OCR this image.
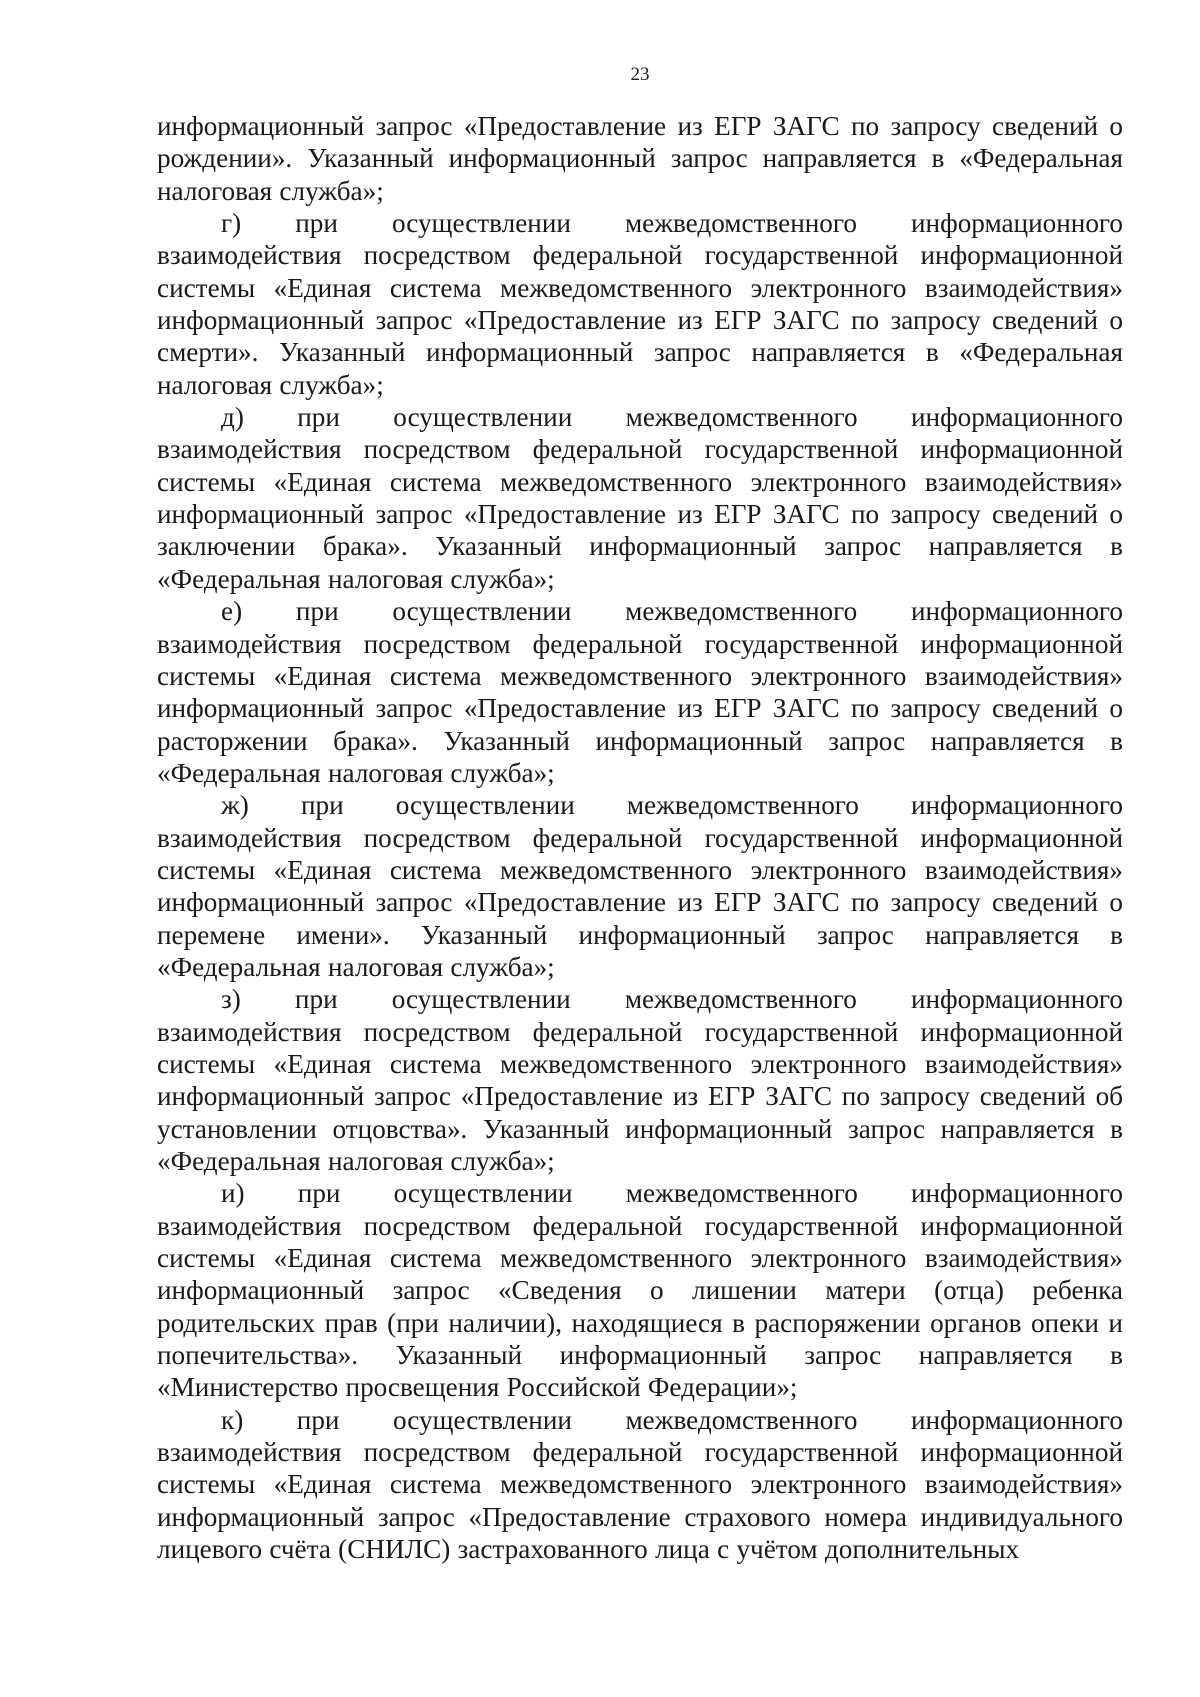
23

информационный запрос «Предоставление из ЕГР ЗАГС по запросу сведений о рождении». Указанный информационный запрос направляется в «Федеральная налоговая служба»;

г) при осуществлении межведомственного информационного взаимодействия посредством федеральной государственной информационной системы «Единая система межведомственного электронного взаимодействия» информационный запрос «Предоставление из ЕГР ЗАГС по запросу сведений о смерти». Указанный информационный запрос направляется в «Федеральная налоговая служба»;

д) при осуществлении межведомственного информационного взаимодействия посредством федеральной государственной информационной системы «Единая система межведомственного электронного взаимодействия» информационный запрос «Предоставление из ЕГР ЗАГС по запросу сведений о заключении брака». Указанный информационный запрос направляется в «Федеральная налоговая служба»;

е) при осуществлении межведомственного информационного взаимодействия посредством федеральной государственной информационной системы «Единая система межведомственного электронного взаимодействия» информационный запрос «Предоставление из ЕГР ЗАГС по запросу сведений о расторжении брака». Указанный информационный запрос направляется в «Федеральная налоговая служба»;

ж) при осуществлении межведомственного информационного взаимодействия посредством федеральной государственной информационной системы «Единая система межведомственного электронного взаимодействия» информационный запрос «Предоставление из ЕГР ЗАГС по запросу сведений о перемене имени». Указанный информационный запрос направляется в «Федеральная налоговая служба»;

з) при осуществлении межведомственного информационного взаимодействия посредством федеральной государственной информационной системы «Единая система межведомственного электронного взаимодействия» информационный запрос «Предоставление из ЕГР ЗАГС по запросу сведений об установлении отцовства». Указанный информационный запрос направляется в «Федеральная налоговая служба»;

и) при осуществлении межведомственного информационного взаимодействия посредством федеральной государственной информационной системы «Единая система межведомственного электронного взаимодействия» информационный запрос «Сведения о лишении матери (отца) ребенка родительских прав (при наличии), находящиеся в распоряжении органов опеки и попечительства». Указанный информационный запрос направляется в «Министерство просвещения Российской Федерации»;

к) при осуществлении межведомственного информационного взаимодействия посредством федеральной государственной информационной системы «Единая система межведомственного электронного взаимодействия» информационный запрос «Предоставление страхового номера индивидуального лицевого счёта (СНИЛС) застрахованного лица с учётом дополнительных
